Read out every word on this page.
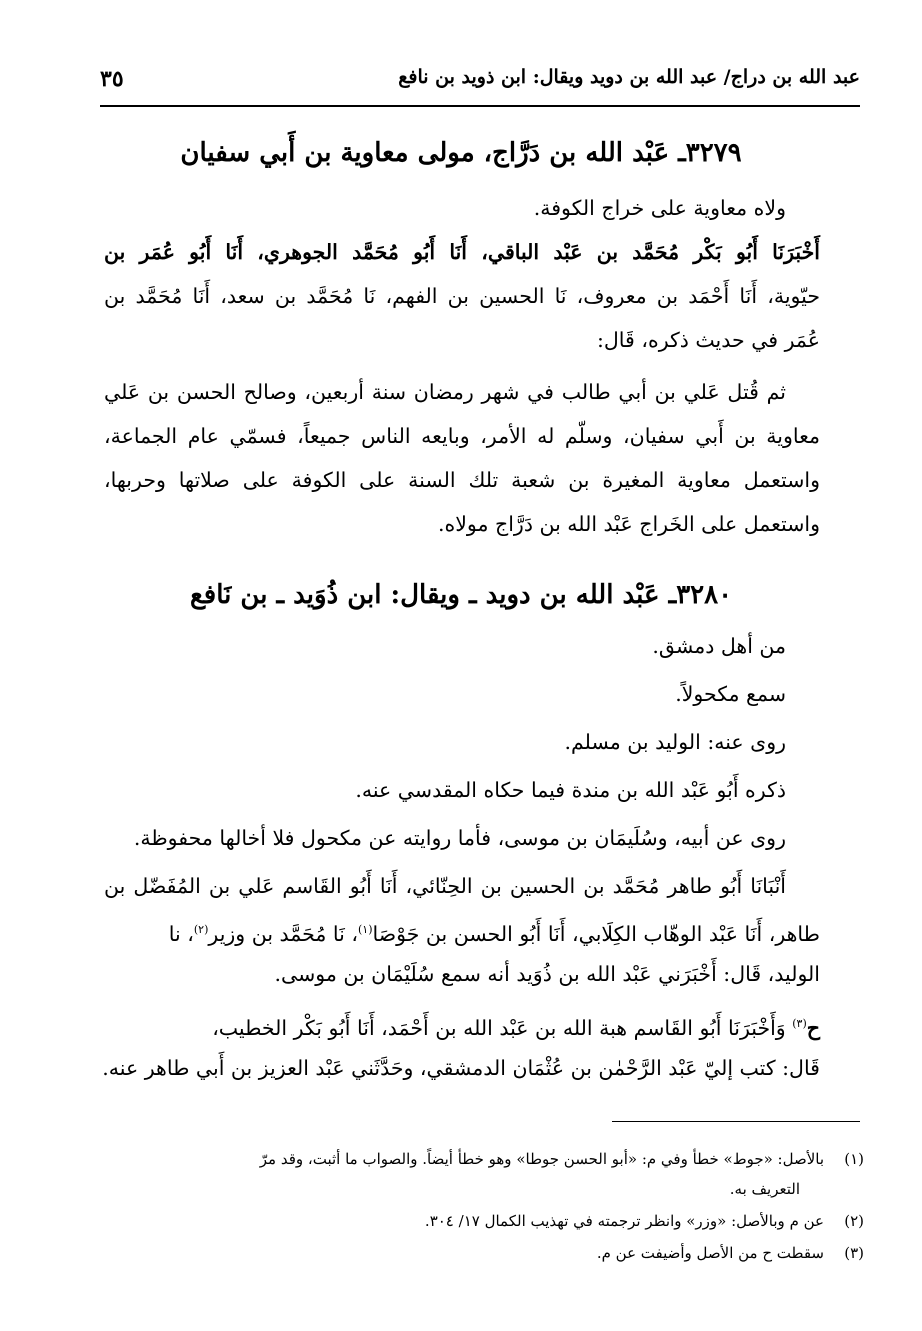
عبد الله بن دراج/ عبد الله بن دويد ويقال: ابن ذويد بن نافع
٣٥
٣٢٧٩ـ عَبْد الله بن دَرَّاج، مولى معاوية بن أَبي سفيان
ولاه معاوية على خراج الكوفة.
أَخْبَرَنَا أَبُو بَكْر مُحَمَّد بن عَبْد الباقي، أَنَا أَبُو مُحَمَّد الجوهري، أَنَا أَبُو عُمَر بن
حيّوية، أَنَا أَحْمَد بن معروف، نَا الحسين بن الفهم، نَا مُحَمَّد بن سعد، أَنَا مُحَمَّد بن
عُمَر في حديث ذكره، قَال:
ثم قُتل عَلي بن أبي طالب في شهر رمضان سنة أربعين، وصالح الحسن بن عَلي
معاوية بن أَبي سفيان، وسلّم له الأمر، وبايعه الناس جميعاً، فسمّي عام الجماعة،
واستعمل معاوية المغيرة بن شعبة تلك السنة على الكوفة على صلاتها وحربها،
واستعمل على الخَراج عَبْد الله بن دَرَّاج مولاه.
٣٢٨٠ـ عَبْد الله بن دويد ـ ويقال: ابن ذُوَيد ـ بن نَافع
من أهل دمشق.
سمع مكحولاً.
روى عنه: الوليد بن مسلم.
ذكره أَبُو عَبْد الله بن مندة فيما حكاه المقدسي عنه.
روى عن أبيه، وسُلَيمَان بن موسى، فأما روايته عن مكحول فلا أخالها محفوظة.
أَنْبَانَا أَبُو طاهر مُحَمَّد بن الحسين بن الحِنّائي، أَنَا أَبُو القَاسم عَلي بن المُفَضّل بن
طاهر، أَنَا عَبْد الوهّاب الكِلَابي، أَنَا أَبُو الحسن بن جَوْصَا$^{(١)}$، نَا مُحَمَّد بن وزير$^{(٢)}$، نا
الوليد، قَال: أَخْبَرَني عَبْد الله بن ذُوَيد أنه سمع سُلَيْمَان بن موسى.
ح$^{(٣)}$ وَأَخْبَرَنَا أَبُو القَاسم هبة الله بن عَبْد الله بن أَحْمَد، أَنَا أَبُو بَكْر الخطيب،
قَال: كتب إليّ عَبْد الرَّحْمٰن بن عُثْمَان الدمشقي، وحَدَّثَني عَبْد العزيز بن أَبي طاهر عنه.
(١)بالأصل: «جوط» خطأ وفي م: «أبو الحسن جوطا» وهو خطأ أيضاً. والصواب ما أثبت، وقد مرّ
التعريف به.
(٢)عن م وبالأصل: «وزر» وانظر ترجمته في تهذيب الكمال ١٧/ ٣٠٤.
(٣)سقطت ح من الأصل وأضيفت عن م.
